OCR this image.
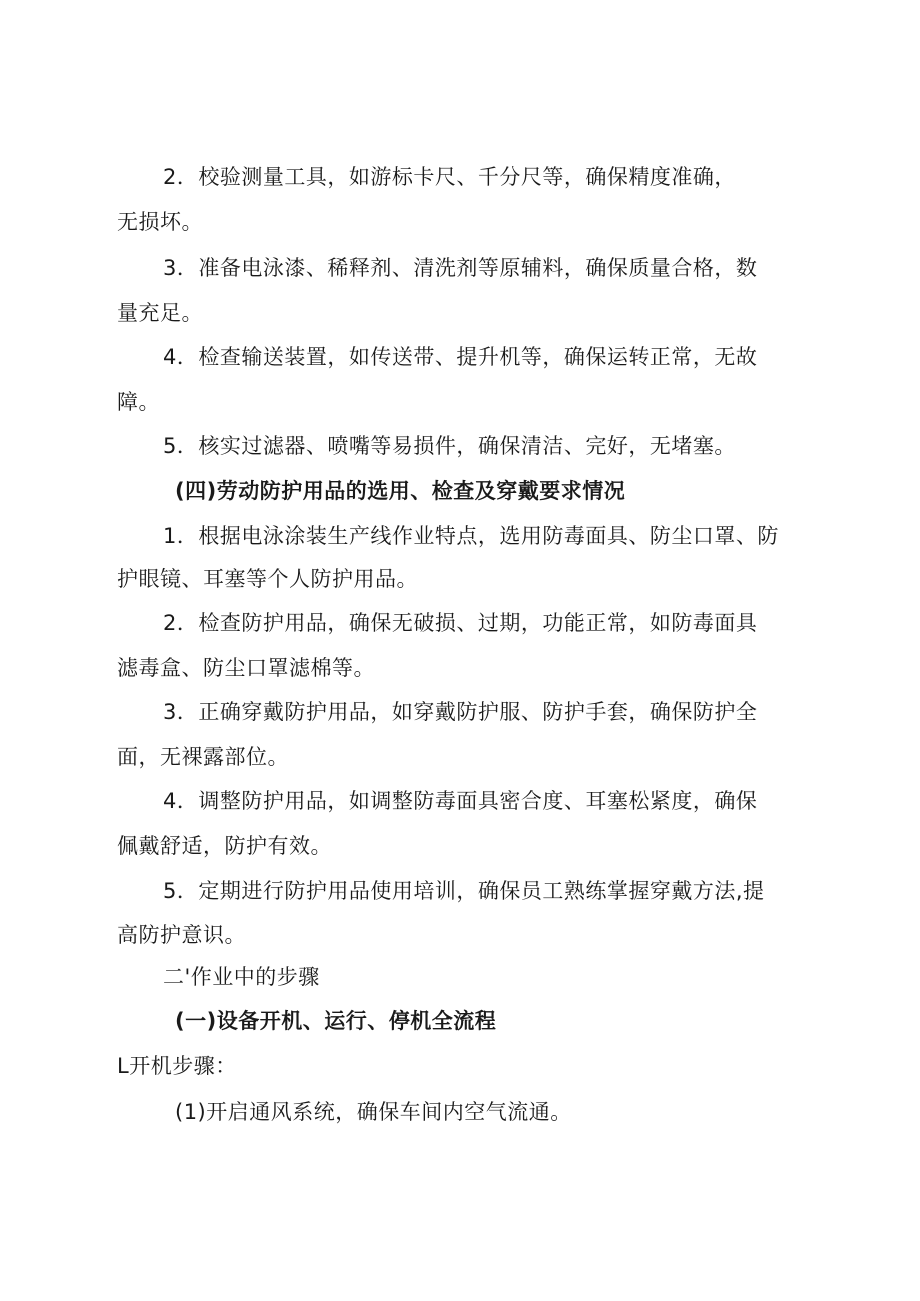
2．校验测量工具，如游标卡尺、千分尺等，确保精度准确，
无损坏。
3．准备电泳漆、稀释剂、清洗剂等原辅料，确保质量合格，数
量充足。
4．检查输送装置，如传送带、提升机等，确保运转正常，无故
障。
5．核实过滤器、喷嘴等易损件，确保清洁、完好，无堵塞。
(四)劳动防护用品的选用、检查及穿戴要求情况
1．根据电泳涂装生产线作业特点，选用防毒面具、防尘口罩、防
护眼镜、耳塞等个人防护用品。
2．检查防护用品，确保无破损、过期，功能正常，如防毒面具
滤毒盒、防尘口罩滤棉等。
3．正确穿戴防护用品，如穿戴防护服、防护手套，确保防护全
面，无裸露部位。
4．调整防护用品，如调整防毒面具密合度、耳塞松紧度，确保
佩戴舒适，防护有效。
5．定期进行防护用品使用培训，确保员工熟练掌握穿戴方法,提
高防护意识。
二'作业中的步骤
(一)设备开机、运行、停机全流程
L开机步骤：
(1)开启通风系统，确保车间内空气流通。
